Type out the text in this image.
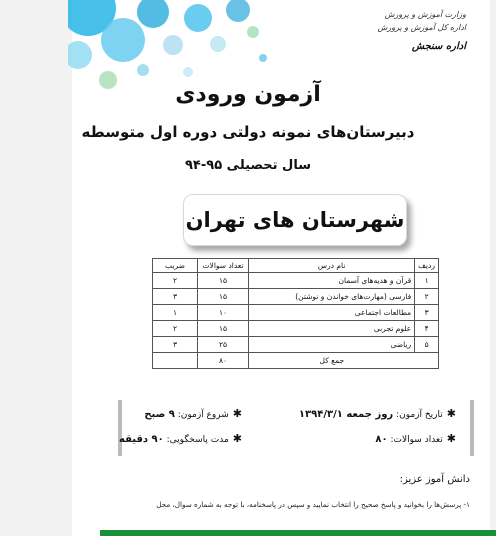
ﻭﺯﺍﺭﺕ ﺁﻣﻮﺯﺵ ﻭ ﭘﺮﻭﺭﺵ
ﺍﺩﺍﺭﻩ ﮐﻞ ﺁﻣﻮﺯﺵ ﻭ ﭘﺮﻭﺭﺵ
ﺍﺩﺍﺭﻩ ﺳﻨﺠﺶ
آزمون ورودی
دبیرستان‌های نمونه دولتی دوره اول متوسطه
سال تحصیلی ۹۵-۹۴
شهرستان های تهران
ردیف	نام درس	تعداد سوالات	ضریب
۱	قرآن و هدیه‌های آسمان	۱۵	۲
۲	فارسی (مهارت‌های خواندن و نوشتن)	۱۵	۳
۳	مطالعات اجتماعی	۱۰	۱
۴	علوم تجربی	۱۵	۲
۵	ریاضی	۲۵	۳
	جمع کل	۸۰	
✱تاریخ آزمون: روز جمعه ۱۳۹۴/۳/۱
✱شروع آزمون: ۹ صبح
✱تعداد سوالات: ۸۰
✱مدت پاسخگویی: ۹۰ دقیقه
دانش آموز عزیز:
۱- پرسش‌ها را بخوانید و پاسخ صحیح را انتخاب نمایید و سپس در پاسخنامه، با توجه به شماره سوال، محل
